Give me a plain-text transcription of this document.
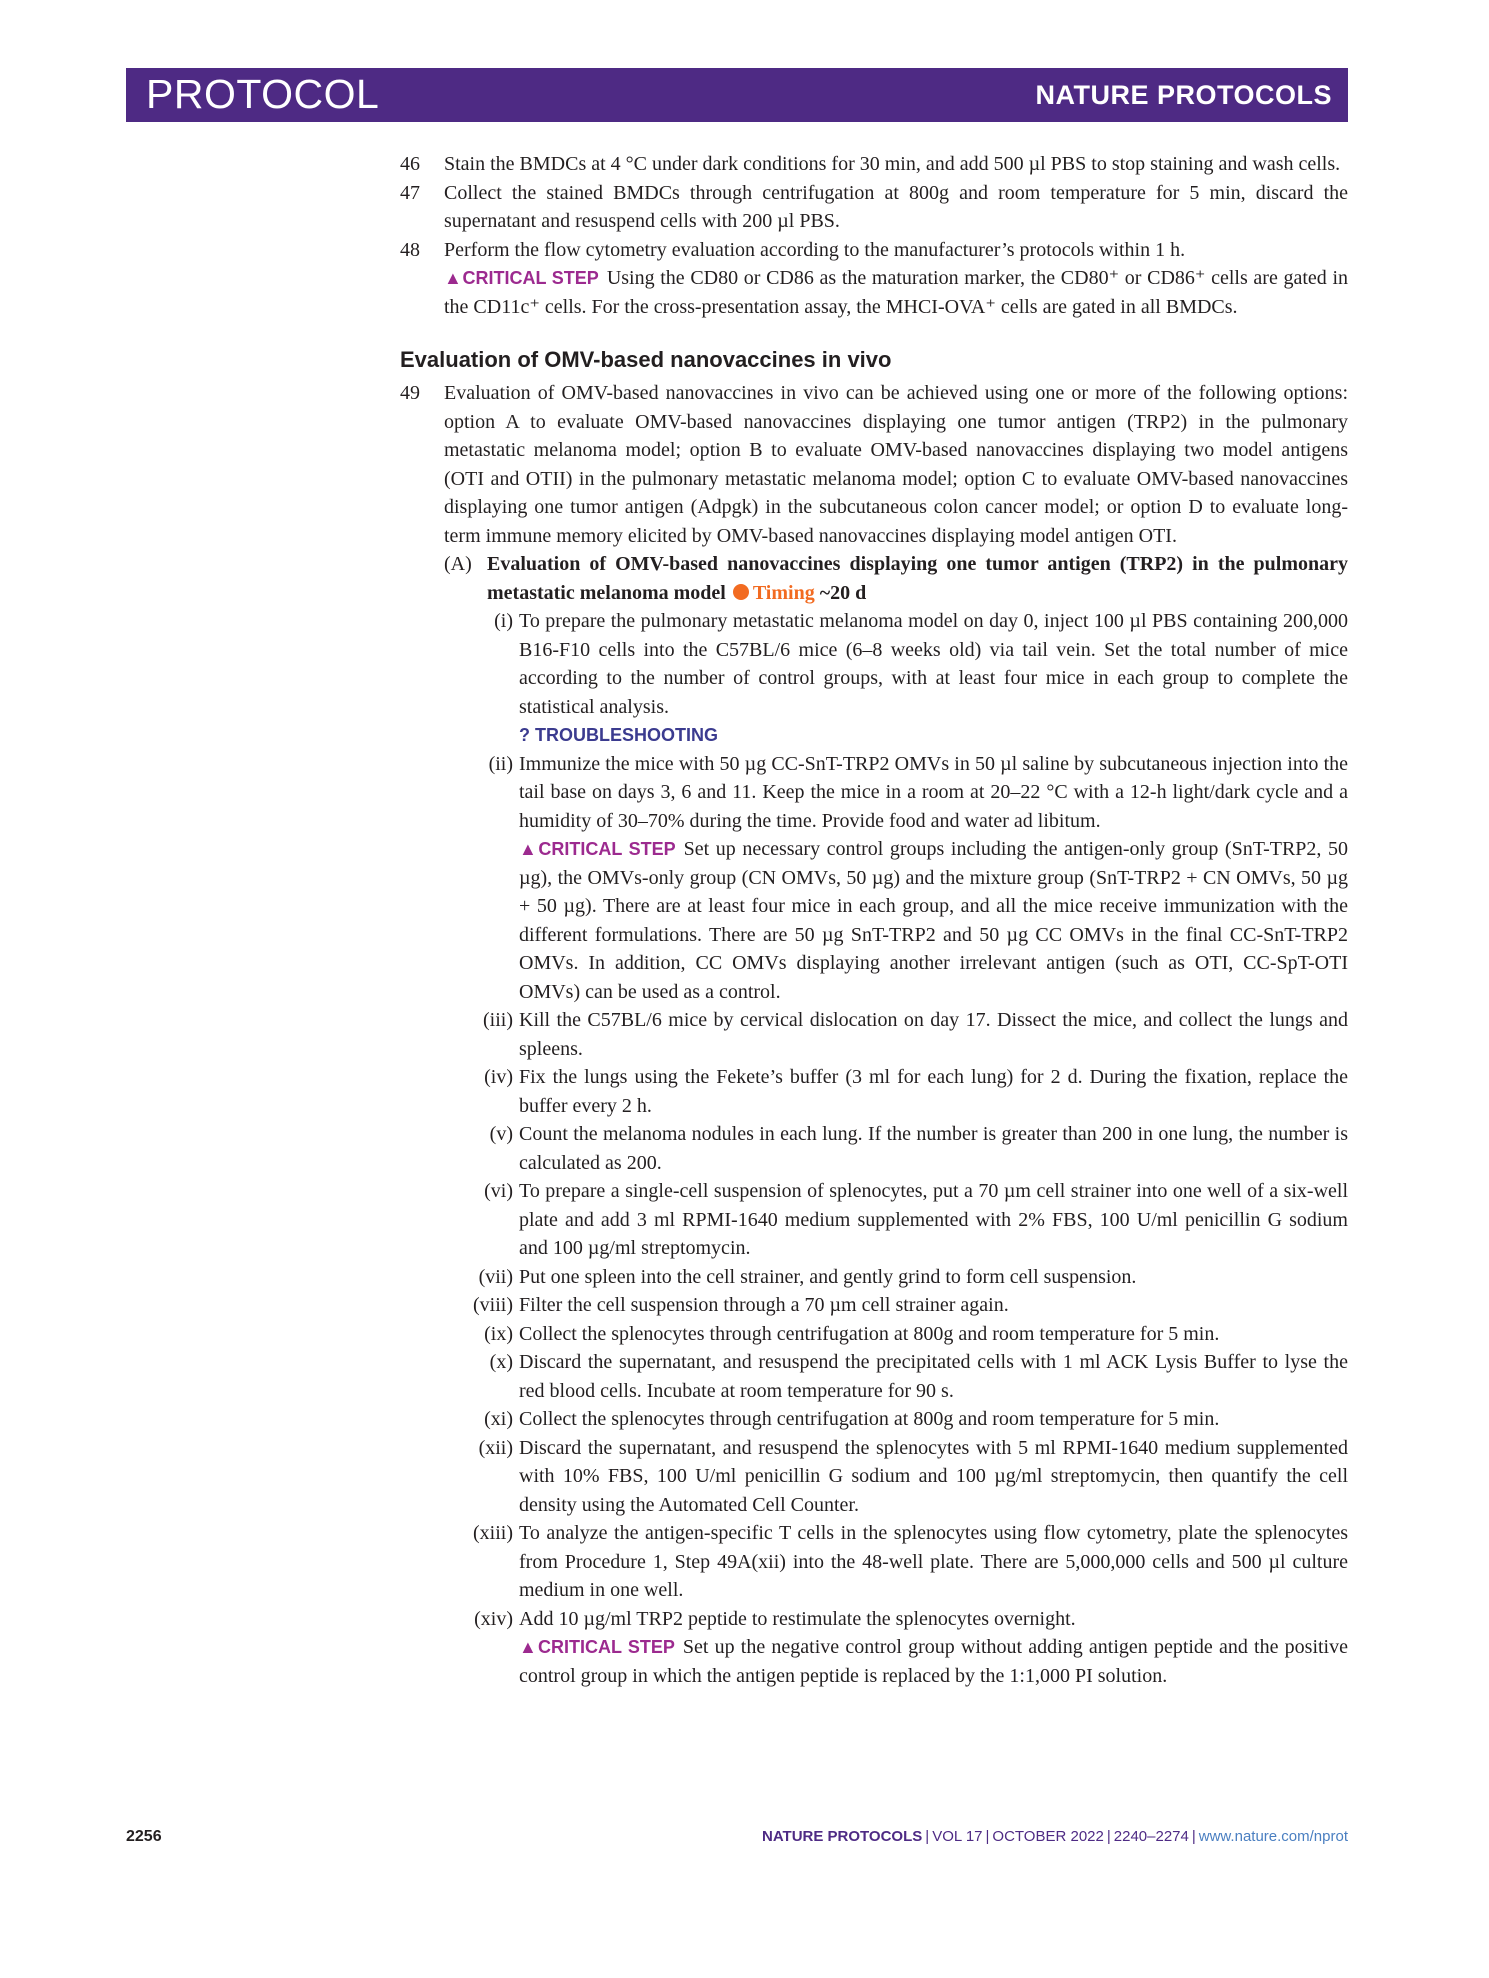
PROTOCOL	NATURE PROTOCOLS
46	Stain the BMDCs at 4 °C under dark conditions for 30 min, and add 500 µl PBS to stop staining and wash cells.
47	Collect the stained BMDCs through centrifugation at 800g and room temperature for 5 min, discard the supernatant and resuspend cells with 200 µl PBS.
48	Perform the flow cytometry evaluation according to the manufacturer’s protocols within 1 h.
▲CRITICAL STEP Using the CD80 or CD86 as the maturation marker, the CD80⁺ or CD86⁺ cells are gated in the CD11c⁺ cells. For the cross-presentation assay, the MHCI-OVA⁺ cells are gated in all BMDCs.
Evaluation of OMV-based nanovaccines in vivo
49	Evaluation of OMV-based nanovaccines in vivo can be achieved using one or more of the following options: option A to evaluate OMV-based nanovaccines displaying one tumor antigen (TRP2) in the pulmonary metastatic melanoma model; option B to evaluate OMV-based nanovaccines displaying two model antigens (OTI and OTII) in the pulmonary metastatic melanoma model; option C to evaluate OMV-based nanovaccines displaying one tumor antigen (Adpgk) in the subcutaneous colon cancer model; or option D to evaluate long-term immune memory elicited by OMV-based nanovaccines displaying model antigen OTI.
(A) Evaluation of OMV-based nanovaccines displaying one tumor antigen (TRP2) in the pulmonary metastatic melanoma model Timing ~20 d
(i) To prepare the pulmonary metastatic melanoma model on day 0, inject 100 µl PBS containing 200,000 B16-F10 cells into the C57BL/6 mice (6–8 weeks old) via tail vein. Set the total number of mice according to the number of control groups, with at least four mice in each group to complete the statistical analysis.
? TROUBLESHOOTING
(ii) Immunize the mice with 50 µg CC-SnT-TRP2 OMVs in 50 µl saline by subcutaneous injection into the tail base on days 3, 6 and 11. Keep the mice in a room at 20–22 °C with a 12-h light/dark cycle and a humidity of 30–70% during the time. Provide food and water ad libitum.
▲CRITICAL STEP Set up necessary control groups including the antigen-only group (SnT-TRP2, 50 µg), the OMVs-only group (CN OMVs, 50 µg) and the mixture group (SnT-TRP2 + CN OMVs, 50 µg + 50 µg). There are at least four mice in each group, and all the mice receive immunization with the different formulations. There are 50 µg SnT-TRP2 and 50 µg CC OMVs in the final CC-SnT-TRP2 OMVs. In addition, CC OMVs displaying another irrelevant antigen (such as OTI, CC-SpT-OTI OMVs) can be used as a control.
(iii) Kill the C57BL/6 mice by cervical dislocation on day 17. Dissect the mice, and collect the lungs and spleens.
(iv) Fix the lungs using the Fekete’s buffer (3 ml for each lung) for 2 d. During the fixation, replace the buffer every 2 h.
(v) Count the melanoma nodules in each lung. If the number is greater than 200 in one lung, the number is calculated as 200.
(vi) To prepare a single-cell suspension of splenocytes, put a 70 µm cell strainer into one well of a six-well plate and add 3 ml RPMI-1640 medium supplemented with 2% FBS, 100 U/ml penicillin G sodium and 100 µg/ml streptomycin.
(vii) Put one spleen into the cell strainer, and gently grind to form cell suspension.
(viii) Filter the cell suspension through a 70 µm cell strainer again.
(ix) Collect the splenocytes through centrifugation at 800g and room temperature for 5 min.
(x) Discard the supernatant, and resuspend the precipitated cells with 1 ml ACK Lysis Buffer to lyse the red blood cells. Incubate at room temperature for 90 s.
(xi) Collect the splenocytes through centrifugation at 800g and room temperature for 5 min.
(xii) Discard the supernatant, and resuspend the splenocytes with 5 ml RPMI-1640 medium supplemented with 10% FBS, 100 U/ml penicillin G sodium and 100 µg/ml streptomycin, then quantify the cell density using the Automated Cell Counter.
(xiii) To analyze the antigen-specific T cells in the splenocytes using flow cytometry, plate the splenocytes from Procedure 1, Step 49A(xii) into the 48-well plate. There are 5,000,000 cells and 500 µl culture medium in one well.
(xiv) Add 10 µg/ml TRP2 peptide to restimulate the splenocytes overnight.
▲CRITICAL STEP Set up the negative control group without adding antigen peptide and the positive control group in which the antigen peptide is replaced by the 1:1,000 PI solution.
2256	NATURE PROTOCOLS | VOL 17 | OCTOBER 2022 | 2240–2274 | www.nature.com/nprot
